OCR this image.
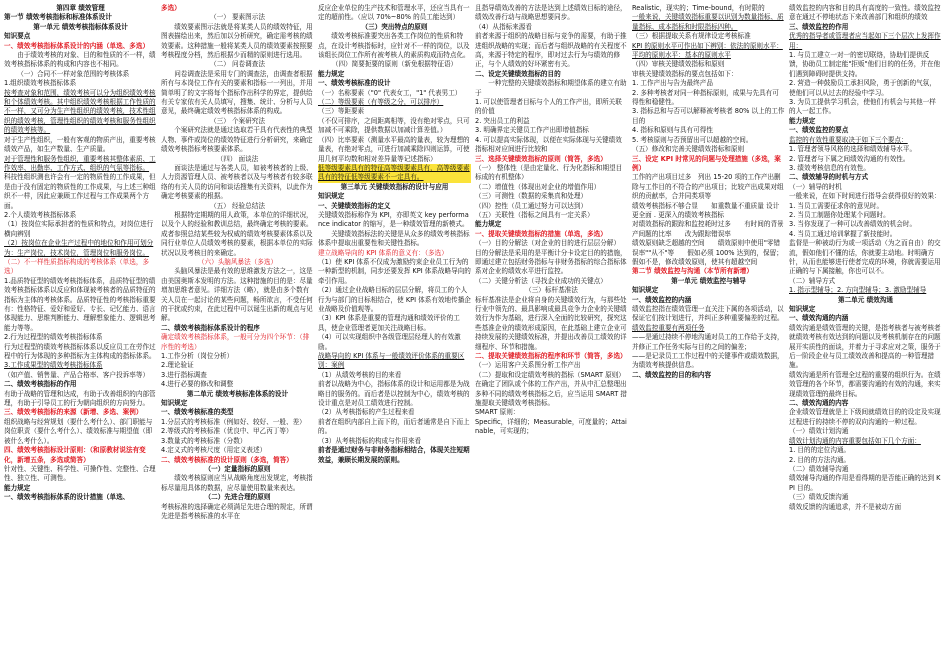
第四章 绩效管理

第一节 绩效考核指标和标准体系设计

第一单元 绩效考核指标体系设计

知识要点

一、绩效考核指标体系设计的内涵（单选、多选）

由于绩效考核的对象、目的和性质的不一样，绩效考核指标体系的构成和内容也不相同。

（一）合同不一样对象范围的考核体系

1.组织绩效考核指标体系

按考查对象和范围，绩效考核可以分为组织绩效考核和个体绩效考核。其中组织绩效考核根据工作性质的不一样，又可分为生产性组织的绩效考核，技术性组织的绩效考核，管理性组织的绩效考核和服务性组织的绩效考核等。

对于生产性组织，一般有客观的物质产出，重要考核绩效产品，如生产数量、生产质量。

对于管理性和服务性组织，重要考核其整体素质、工作效率、出勤率、工作方式、组织的气氛等指标。

科技性组织测也许会有一定的物质性的工作成果，但是由于没有固定的物质性的工作成果，与上述三种组织不一样，因此应兼顾工作过程与工作成果两个方面。

2.个人绩效考核指标体系

（1）按岗位实际承担者的性质和特点，对岗位进行横向辨别

（2）按岗位在企业生产过程中的地位和作用可划分为：生产岗位，技术岗位，管理岗位和服务岗位。

（二）不一样性质指标构成的考核体系（单选，多选）

1.品质特征型的绩效考核指标体系，品质特征型的绩效考核指标体系以反应和体现被考核者的品质特征的指标为主体的考核体系。品质特征性的考核指标重要有：性格特征、爱好和爱好、专长、记忆能力、语言体现能力、思维判断能力、理解想象能力、逻辑思考能力等等。

2.行为过程型的绩效考核指标体系

行为过程型的绩效考核指标体系以反应员工在劳作过程中的行为体现的多种指标为主体构成的指标体系。

3.工作成果型的绩效考核指标体系

（如产值、销售量、产品合格率、客户投诉率等）

二、绩效考核指标的作用

有助于战略的管理和达成，有助于改善组织的内部管理，有助于引导员工的行为朝向组织的方向努力。

三、绩效考核指标的来源（新增、多选、案例）

组织战略与经营规划（要什么考什么）、部门职能与岗位职责（要什么考什么）、绩效标准与期望值（即被什么考什么）。

四、绩效考核指标设计原则：（和原教材说法有变化，新增五条，多选或简答）

针对性、关键性、科学性、可操作性、完整性、合理性、独立性、可测性。

能力规定

一、绩效考核指标体系的设计措施（单选、

多选）

（一） 要素图示法

绩效要素图示法就是将某类人员的绩效特征，用图表描绘出来，然后加以分析研究，确定需考核的绩效要素。这种措施一般将某类人员的绩效要素按照要考核程度分档，然后根据少而精的原则进行选用。

（二） 问卷调查法

问卷调查法是采用专门的调查法，由调查者根据所有与本岗位工作有关的要素和指标一一列出，并用简单明了的文字将每个指标作出科学的界定，提供给有关专家依有关人员填写，搜集、统计、分析与人员意见，最终确定绩效考核指标体系的构成。

（三） 个案研究法

个案研究法就是通过选取若干具有代表性的典型人物、事件或岗位的绩效特征进行分析研究，来确定绩效考核指标考核要素体系。

（四） 面谈法

面谈法是通过与各类人员，如被考核者的上级、人力资源管理人员、被考核者以及与考核者有较多联络的有关人员的访问和谈话搜集有关资料，以此作为确定考核要素的根据。

（五） 经验总结法

根据特定期期的用人政策，本单位的详细状况，以及个人的经验和教训总结，最终确定考核的要素。成者参照总结某些较为权威的绩效考核要素体系以及同行业单位人员绩效考核的要素，根据本单位的实际状况以及考核目的来确定。

（六）头脑风暴法（多选）

头脑风暴法是最有效的思维激发方法之一，这是由美国奥斯本发明的方法。这种措施的目的是：尽量增加思维者意见。详细方法（略），就是由多个数有关人员在一起讨论的某些问题，畅所欲言，不受任何的干扰或约束，在此过程中可以诞生出新的观点与见解。

二、绩效考核指标体系设计的程序

确定绩效考核指标体系，一般可分为四个环节：（排序性的考选）

1.工作分析（岗位分析）

2.理论验证

3.进行指标调查

4.进行必要的修改和调整

第二单元 绩效考核标准体系的设计

知识规定

一、绩效考核标准的类型

1.分层式的考核标准（例如好、较好、一般、差）

2.等级式的考核标准（优良中、甲乙丙丁等）

3.数量式的考核标准（分数）

4.定义式的考核尺度（用定义表述）

二、绩效考核标准的设计原则（多选，简答）

（一）定量指标的原则

绩效考核原则应当从战略角度出发规定，考核指标尽量用具体的数据，应尽量使用数量来表达。

（二）先进合理的原则

考核标准的选择确定必须满足先进合理的规定，所谓先进是指考核标准的水平在

反应企业单位的生产技术和管理水平，还应当具有一定的超前性。（应以 70%~80% 的员工能达到）

（三）突出特点的原则

绩效考核标准要突出各类工作岗位的性质和特点，在设计考核指标时，应针对不一样的岗位，以及该组长岗位工作所有被考核人的素质构成而特点化。

（四）简要扼要的原则（新免根据特征语）

能力规定

一、绩效考核标准的设计

（一）名称要素（"0" 代表女工，"1" 代表男工）

（二）等级要素（有等级之分，可以排序）

（三）等距要素

（不仅可排序，之间距离相等，没有绝对零点，只可加减不可乘除，提供数据以加减计算差值。）

（四）比率要素（测量水平最高的量表，较为理想的量表，有绝对零点，可进行加减乘除四则运算，可使用几何平均数和相对差异量等记述指标）

低等级要素具有的特征高等级要素具有，高等级要素具有的特征低等级要素不一定具有。

第三单元 关键绩效指标的设计与应用

知识规定

一、关键绩效指标的定义

关键绩效指标称作为 KPI，亦即英文 key performance indicator 的缩写，是一种绩效管理的新模式。

关键绩效指标法的关键是从众多的绩效考核指标体系中提取出重要性和关键性指标。

建立战略导向的 KPI 体系的意义有：（多选）

（1）使 KPI 体系不仅成为激励约束企业员工行为的一种新型的机制，同步还要发挥 KPI 体系战略导向的牵引作用。

（2）通过企业战略目标的层层分解，将员工的个人行为与部门的目标相结合，使 KPI 体系有效地传播企业战略及价值观等。

（3）KPI 体系是重要的管理沟通和绩效评价的工具，使企业管理者更加关注战略目标。

（4）可以实现组织中各级管理层经理人的有效激励。

战略导向的 KPI 体系与一般绩效评价体系的重要区别：案例

（1）从绩效考核的目的来看

前者以战略为中心，指标体系的设计和运用都是为战略目的服务的。而后者是以控制为中心，绩效考核的设计重点是对员工绩效进行控制。

（2）从考核指标的产生过程来看

前者在组织内部自上而下的，而后者通常是自下而上的。

（3）从考核指标的构成与作用来看

前者是通过财务与非财务指标相结合，体现关注短期效益，兼顾长期发展的原则。

且指导绩效改善的方法是达到上述绩效目标的途径，绩效改善行动与战略思想要同步。

（4）从指标来源看

前者来源于组织的战略目标与竞争的需要，有助于推进组织战略的实现；而后者与组织战略的有关程度不高，来源于特定的程序，即对过去行为与绩效的修正，与个人绩效的好坏紧密有关。

二、设定关键绩效指标的目的

一种完整的关键绩效指标和期望体系的建立有助于

1. 可以使管理者目标与个人的工作产出，即所关联的价值

2. 突出员工的利益

3. 明确界定关键员工作产出即增值指标

4. 可以提高实际体现，以便在实际体现与关键绩效指标相对应间进行比较和

三、选择关键绩效指标的原则（简答，多选）

（一） 整体性（是由定量化、行为化指标和期望目标成的有机整体）

（二）增值性（体现出对企业的增值作用）

（三）可测性（数据的采集真和处理）

（四）控性（员工通过努力可以达到）

（五）关联性（指标之间具有一定关系）

能力规定

一、提取关键绩效指标的措施（单选，多选）

（一）目的分解法（对企业的目的进行层层分解）

目的分解法是采用的是平衡计分卡设定目的的措施，即通过建立包括财务指标与非财务指标的综合指标体系对企业的绩效水平进行监控。

（二）关键分析法（寻找企业成功的关键点）

（三）标杆基准法

标杆基准法是企业将自身的关键绩效行为，与那些处行业中领先的、最具影响成最具竞争力企业的关键绩效行为作为基础，进行深入全面的比较研究，探究这些基准企业的绩效形成原因，在此基础上建立企业可持续发展的关键绩效标准，并提出改善员工绩效的详细程序、环节和措施。

二、提取关键绩效指标的程序和环节（简答，多选）

（一）运用客户关系图分析工作产出

（二）提取和设定绩效考核的指标（SMART 原则）

在确定了团队或个体的工作产出，并从中汇总整理出多种不同的绩效考核指标之后，应当运用 SMART 措施提取关键绩效考核指标。

SMART 原则：

Specific，详细的；Measurable，可度量的；Attainable，可实现的；

Realistic，现实的；Time-bound，有时限的

一般来说，关键绩效指标重要以识别为数量指标、质量指标、成本指标和时限指标四种。

（三）根据提取关系有规律设定考核标准

KPI 的原则水平可作出如下辨别：依法的原则水平：平均的原则水平：基本的原则水平

（四）审核关键绩效指标和原则

审核关键绩效指标的要点包括如下：

1. 工作产出与告为最终产品

2. 多种考核者对同一种指标原则，成果与先具有可得性和稳健性。

3. 指标总和与否可以解释被考核者 80% 以上的工作目的

4. 指标和原则与具有可得性

5. 考核原则与否预留出可以超越的空间。

（五）修改和完善关键绩效指标和原则

三、设定 KPI 时常见的问题与处理措施（多选，案例）

工作的产出项目过多　列出 15-20 项的工作产出删除与工作目的不符合的产出项目；比较产出成果对组织的贡献率，合并同类项等

绩效考核指标不够合显　　如重数量不重质量 设计更全面 . 更深入的绩效考核指标

对绩效指标的跟踪和监控耗时过多　　有时间的背景产间题的比率　　改为跟踪错误率

绩效原则缺乏超越的空间　　绩效原则中使用"零错误率""从不"等　　假如必须 100% 达到的，保留；假如不是，修改绩效原则，使其有超越空间

第二节 绩效监控与沟通（本节所有新增）

第一单元 绩效监控与辅导

知识规定

一、绩效监控的内涵

绩效监控指在绩效管理一直关注下属的各项活动，以保证它们按计划进行，并纠正多种重要偏差的过程。

绩效监控重要有两项任务

——是通过持续不停地沟通对员工的工作给予支持，并修正工作任务实际与目的之间的偏差；

——是记录员工工作过程中的关键事件或绩效数据，为绩效考核提供信息。

二、绩效监控的目的和内容

绩效监控的内容和目的具有高度的一致性。绩效监控意在通过不停地状态下来改善部门和组织的绩效

三、绩效监控的作用

优秀的指导者或管理者应当起如下三个层次上发挥作用：

1. 与员工建立一对一的密切联络，协助们提供反馈，协助员工制定能"拒贩"他们目的的任务，并在他们遇到障碍时提供支持。

2. 营造一种鼓励员工承担风险，勇于创新的气氛，使他们可以从过去的经验中学习。

3. 为员工提供学习机会，使他们有机会与其他一样的人一起工作。

能力规定

一、绩效监控的要点

监控的有效性重要取决于如下三个要点：

1. 管理者领导风格的选择和绩效辅导水平。

2. 管理者与下属之间绩效沟通的有效性。

3. 绩效考核信息的有效性。

二、绩效辅导的时机与方式

（一）辅导的时机

一般来说，在如下时间进行指导会获得很好的效果：

1. 当员工需要征求你的意见时。

2. 当员工制题你处理某个问题时。

3. 当你发现了一种可以改善绩效的机会时。

4. 当员工通过培训掌握了新技能时。

监督是一种被动行为或一项活动（为之而自由）的交流，假如他们不懂的话，你就要主动地。时明确方针，从而也能够进行使者完成的环境，你就需要运用正确的与下属接触，你也可以不。

（二）辅导方式

1. 指示型辅导；2. 方向型辅导；3. 激励型辅导

第二单元 绩效沟通

知识规定

一、绩效沟通的内涵

绩效沟通是绩效管理的关键，是指考核者与被考核者就绩效考核有效达到的问题以及考核机制存在的问题展开实质性的面谈，并着力于寻求应对之策，服务于后一阶段企业与员工绩效改善和提高的一种管理措施。

绩效沟通是所有管理全过程的重要的组织行为。在绩效管理的各个环节，都需要沟通的有效的沟通，来实现绩效管理的最终目标。

二、绩效沟通的内容

企业绩效管理就是上下级间就绩效目的的设定及实现过程进行的持续不停的双向沟通的一种过程。

（一）绩效计划沟通

绩效计划沟通的内容重要包括如下几个方面：

1. 目的的定位沟通。

2. 目的的方法沟通。

（二）绩效辅导沟通

绩效辅导沟通的作用是看得期的是否能正确的达到 KPI 目的。

（三）绩效反馈沟通

绩效反馈的沟通追求，并不是被动方面
